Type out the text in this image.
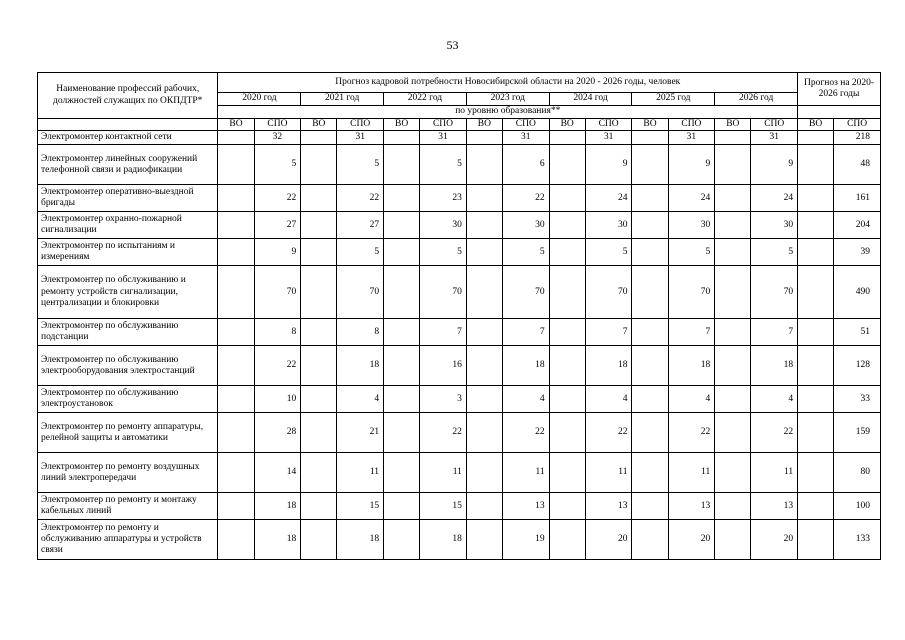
53
Наименование профессий рабочих, должностей служащих по ОКПДТР*	Прогноз кадровой потребности Новосибирской области на 2020 - 2026 годы, человек														Прогноз на 2020-2026 годы	
	2020 год		2021 год		2022 год		2023 год		2024 год		2025 год		2026 год			
	по уровню образования**															
	ВО	СПО	ВО	СПО	ВО	СПО	ВО	СПО	ВО	СПО	ВО	СПО	ВО	СПО	ВО	СПО
Электромонтер контактной сети		32		31		31		31		31		31		31		218
Электромонтер линейных сооружений телефонной связи и радиофикации		5		5		5		6		9		9		9		48
Электромонтер оперативно-выездной бригады		22		22		23		22		24		24		24		161
Электромонтер охранно-пожарной сигнализации		27		27		30		30		30		30		30		204
Электромонтер по испытаниям и измерениям		9		5		5		5		5		5		5		39
Электромонтер по обслуживанию и ремонту устройств сигнализации, централизации и блокировки		70		70		70		70		70		70		70		490
Электромонтер по обслуживанию подстанции		8		8		7		7		7		7		7		51
Электромонтер по обслуживанию электрооборудования электростанций		22		18		16		18		18		18		18		128
Электромонтер по обслуживанию электроустановок		10		4		3		4		4		4		4		33
Электромонтер по ремонту аппаратуры, релейной защиты и автоматики		28		21		22		22		22		22		22		159
Электромонтер по ремонту воздушных линий электропередачи		14		11		11		11		11		11		11		80
Электромонтер по ремонту и монтажу кабельных линий		18		15		15		13		13		13		13		100
Электромонтер по ремонту и обслуживанию аппаратуры и устройств связи		18		18		18		19		20		20		20		133
